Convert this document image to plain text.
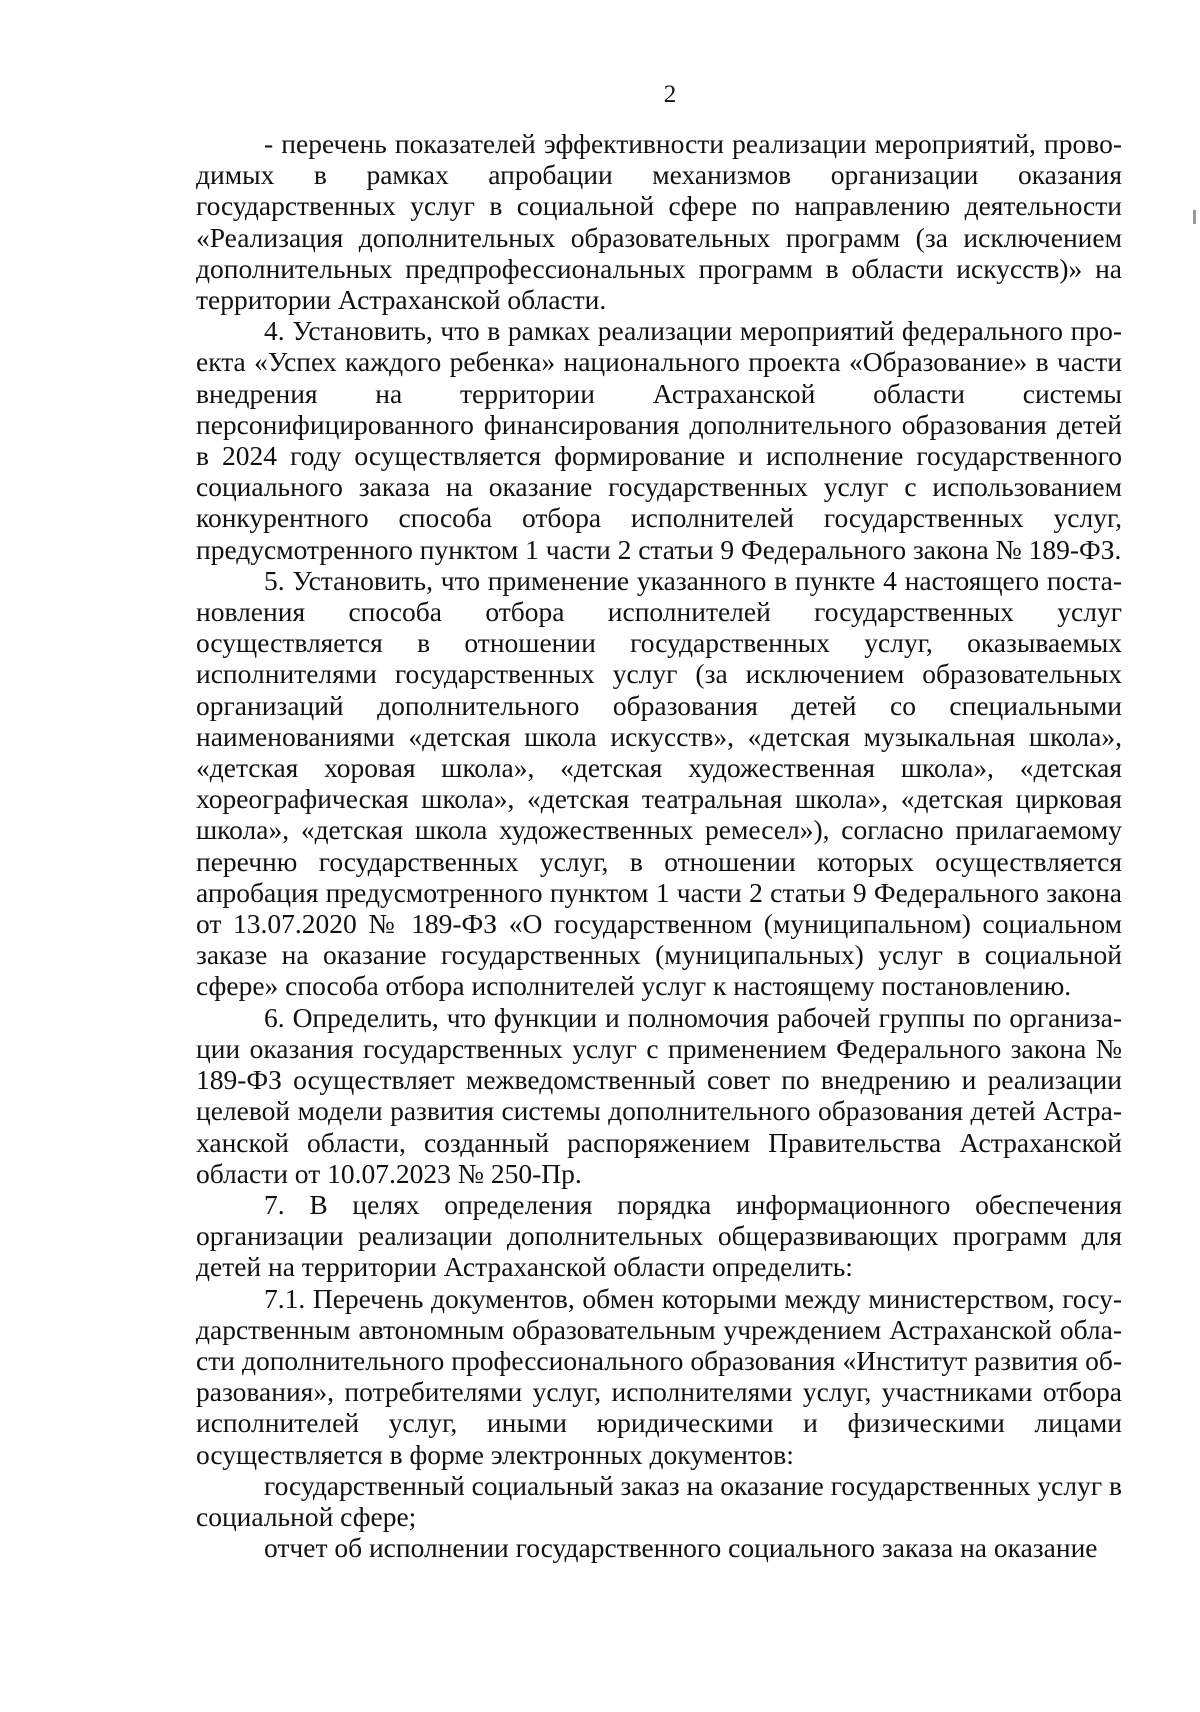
2

- перечень показателей эффективности реализации мероприятий, проводимых в рамках апробации механизмов организации оказания государственных услуг в социальной сфере по направлению деятельности «Реализация дополнительных образовательных программ (за исключением дополнительных предпрофессиональных программ в области искусств)» на территории Астраханской области.

4. Установить, что в рамках реализации мероприятий федерального проекта «Успех каждого ребенка» национального проекта «Образование» в части внедрения на территории Астраханской области системы персонифицированного финансирования дополнительного образования детей в 2024 году осуществляется формирование и исполнение государственного социального заказа на оказание государственных услуг с использованием конкурентного способа отбора исполнителей государственных услуг, предусмотренного пунктом 1 части 2 статьи 9 Федерального закона № 189-ФЗ.

5. Установить, что применение указанного в пункте 4 настоящего постановления способа отбора исполнителей государственных услуг осуществляется в отношении государственных услуг, оказываемых исполнителями государственных услуг (за исключением образовательных организаций дополнительного образования детей со специальными наименованиями «детская школа искусств», «детская музыкальная школа», «детская хоровая школа», «детская художественная школа», «детская хореографическая школа», «детская театральная школа», «детская цирковая школа», «детская школа художественных ремесел»), согласно прилагаемому перечню государственных услуг, в отношении которых осуществляется апробация предусмотренного пунктом 1 части 2 статьи 9 Федерального закона от 13.07.2020 № 189-ФЗ «О государственном (муниципальном) социальном заказе на оказание государственных (муниципальных) услуг в социальной сфере» способа отбора исполнителей услуг к настоящему постановлению.

6. Определить, что функции и полномочия рабочей группы по организации оказания государственных услуг с применением Федерального закона № 189-ФЗ осуществляет межведомственный совет по внедрению и реализации целевой модели развития системы дополнительного образования детей Астраханской области, созданный распоряжением Правительства Астраханской области от 10.07.2023 № 250-Пр.

7. В целях определения порядка информационного обеспечения организации реализации дополнительных общеразвивающих программ для детей на территории Астраханской области определить:

7.1. Перечень документов, обмен которыми между министерством, государственным автономным образовательным учреждением Астраханской области дополнительного профессионального образования «Институт развития образования», потребителями услуг, исполнителями услуг, участниками отбора исполнителей услуг, иными юридическими и физическими лицами осуществляется в форме электронных документов:

государственный социальный заказ на оказание государственных услуг в социальной сфере;

отчет об исполнении государственного социального заказа на оказание
